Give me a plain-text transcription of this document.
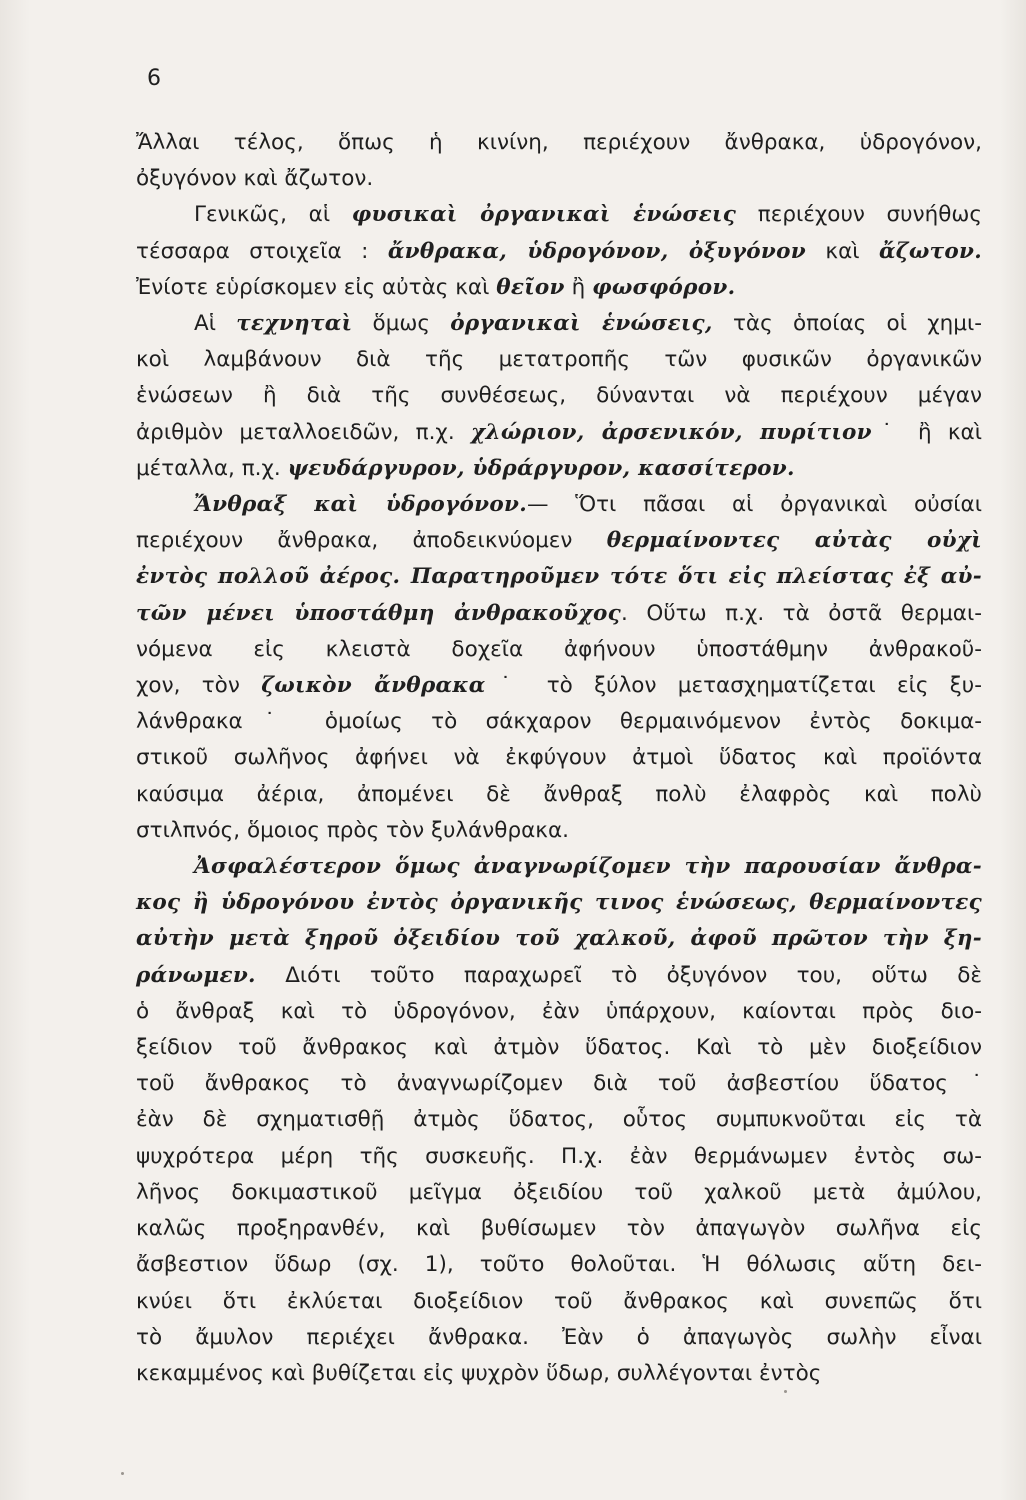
6
Ἄλλαι τέλος, ὅπως ἡ κινίνη, περιέχουν ἄνθρακα, ὑδρογόνον,
ὀξυγόνον καὶ ἄζωτον.
Γενικῶς, αἱ φυσικαὶ ὀργανικαὶ ἑνώσεις περιέχουν συνήθως
τέσσαρα στοιχεῖα : ἄνθρακα, ὑδρογόνον, ὀξυγόνον καὶ ἄζωτον.
Ἐνίοτε εὑρίσκομεν εἰς αὐτὰς καὶ θεῖον ἢ φωσφόρον.
Αἱ τεχνηταὶ ὅμως ὀργανικαὶ ἑνώσεις, τὰς ὁποίας οἱ χημι-
κοὶ λαμβάνουν διὰ τῆς μετατροπῆς τῶν φυσικῶν ὀργανικῶν
ἑνώσεων ἢ διὰ τῆς συνθέσεως, δύνανται νὰ περιέχουν μέγαν
ἀριθμὸν μεταλλοειδῶν, π.χ. χλώριον, ἀρσενικόν, πυρίτιον˙ ἢ καὶ
μέταλλα, π.χ. ψευδάργυρον, ὑδράργυρον, κασσίτερον.
Ἄνθραξ καὶ ὑδρογόνον.— Ὅτι πᾶσαι αἱ ὀργανικαὶ οὐσίαι
περιέχουν ἄνθρακα, ἀποδεικνύομεν θερμαίνοντες αὐτὰς οὐχὶ
ἐντὸς πολλοῦ ἀέρος. Παρατηροῦμεν τότε ὅτι εἰς πλείστας ἐξ αὐ-
τῶν μένει ὑποστάθμη ἀνθρακοῦχος. Οὕτω π.χ. τὰ ὀστᾶ θερμαι-
νόμενα εἰς κλειστὰ δοχεῖα ἀφήνουν ὑποστάθμην ἀνθρακοῦ-
χον, τὸν ζωικὸν ἄνθρακα˙ τὸ ξύλον μετασχηματίζεται εἰς ξυ-
λάνθρακα˙ ὁμοίως τὸ σάκχαρον θερμαινόμενον ἐντὸς δοκιμα-
στικοῦ σωλῆνος ἀφήνει νὰ ἐκφύγουν ἀτμοὶ ὕδατος καὶ προϊόντα
καύσιμα ἀέρια, ἀπομένει δὲ ἄνθραξ πολὺ ἐλαφρὸς καὶ πολὺ
στιλπνός, ὅμοιος πρὸς τὸν ξυλάνθρακα.
Ἀσφαλέστερον ὅμως ἀναγνωρίζομεν τὴν παρουσίαν ἄνθρα-
κος ἢ ὑδρογόνου ἐντὸς ὀργανικῆς τινος ἑνώσεως, θερμαίνοντες
αὐτὴν μετὰ ξηροῦ ὀξειδίου τοῦ χαλκοῦ, ἀφοῦ πρῶτον τὴν ξη-
ράνωμεν. Διότι τοῦτο παραχωρεῖ τὸ ὀξυγόνον του, οὕτω δὲ
ὁ ἄνθραξ καὶ τὸ ὑδρογόνον, ἐὰν ὑπάρχουν, καίονται πρὸς διο-
ξείδιον τοῦ ἄνθρακος καὶ ἀτμὸν ὕδατος. Καὶ τὸ μὲν διοξείδιον
τοῦ ἄνθρακος τὸ ἀναγνωρίζομεν διὰ τοῦ ἀσβεστίου ὕδατος˙
ἐὰν δὲ σχηματισθῇ ἀτμὸς ὕδατος, οὗτος συμπυκνοῦται εἰς τὰ
ψυχρότερα μέρη τῆς συσκευῆς. Π.χ. ἐὰν θερμάνωμεν ἐντὸς σω-
λῆνος δοκιμαστικοῦ μεῖγμα ὀξειδίου τοῦ χαλκοῦ μετὰ ἀμύλου,
καλῶς προξηρανθέν, καὶ βυθίσωμεν τὸν ἀπαγωγὸν σωλῆνα εἰς
ἄσβεστιον ὕδωρ (σχ. 1), τοῦτο θολοῦται. Ἡ θόλωσις αὕτη δει-
κνύει ὅτι ἐκλύεται διοξείδιον τοῦ ἄνθρακος καὶ συνεπῶς ὅτι
τὸ ἄμυλον περιέχει ἄνθρακα. Ἐὰν ὁ ἀπαγωγὸς σωλὴν εἶναι
κεκαμμένος καὶ βυθίζεται εἰς ψυχρὸν ὕδωρ, συλλέγονται ἐντὸς
